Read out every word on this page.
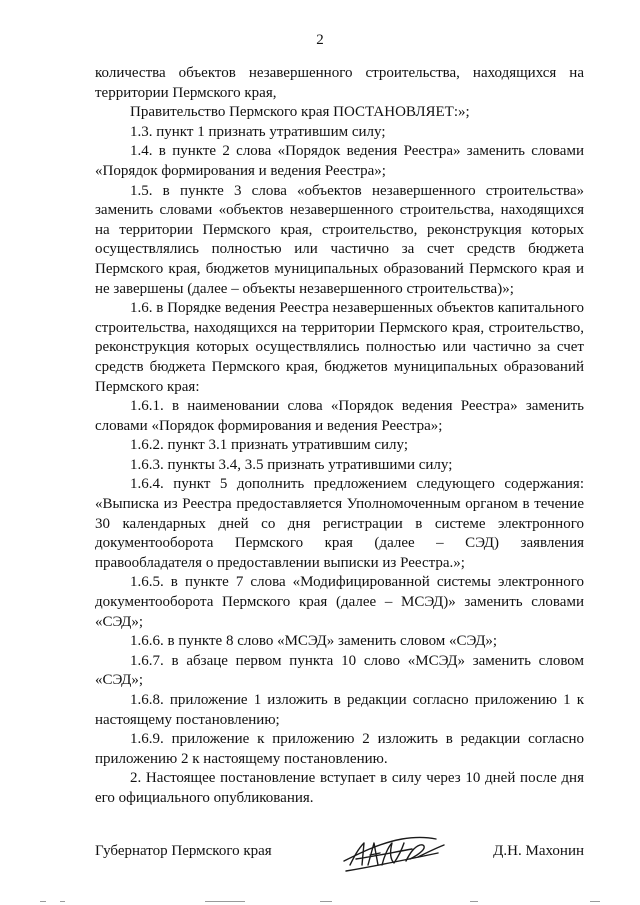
2

количества объектов незавершенного строительства, находящихся на территории Пермского края,

Правительство Пермского края ПОСТАНОВЛЯЕТ:»;

1.3. пункт 1 признать утратившим силу;

1.4. в пункте 2 слова «Порядок ведения Реестра» заменить словами «Порядок формирования и ведения Реестра»;

1.5. в пункте 3 слова «объектов незавершенного строительства» заменить словами «объектов незавершенного строительства, находящихся на территории Пермского края, строительство, реконструкция которых осуществлялись полностью или частично за счет средств бюджета Пермского края, бюджетов муниципальных образований Пермского края и не завершены (далее – объекты незавершенного строительства)»;

1.6. в Порядке ведения Реестра незавершенных объектов капитального строительства, находящихся на территории Пермского края, строительство, реконструкция которых осуществлялись полностью или частично за счет средств бюджета Пермского края, бюджетов муниципальных образований Пермского края:

1.6.1. в наименовании слова «Порядок ведения Реестра» заменить словами «Порядок формирования и ведения Реестра»;

1.6.2. пункт 3.1 признать утратившим силу;

1.6.3. пункты 3.4, 3.5 признать утратившими силу;

1.6.4. пункт 5 дополнить предложением следующего содержания: «Выписка из Реестра предоставляется Уполномоченным органом в течение 30 календарных дней со дня регистрации в системе электронного документооборота Пермского края (далее – СЭД) заявления правообладателя о предоставлении выписки из Реестра.»;

1.6.5. в пункте 7 слова «Модифицированной системы электронного документооборота Пермского края (далее – МСЭД)» заменить словами «СЭД»;

1.6.6. в пункте 8 слово «МСЭД» заменить словом «СЭД»;

1.6.7. в абзаце первом пункта 10 слово «МСЭД» заменить словом «СЭД»;

1.6.8. приложение 1 изложить в редакции согласно приложению 1 к настоящему постановлению;

1.6.9. приложение к приложению 2 изложить в редакции согласно приложению 2 к настоящему постановлению.

2. Настоящее постановление вступает в силу через 10 дней после дня его официального опубликования.

Губернатор Пермского края	Д.Н. Махонин
